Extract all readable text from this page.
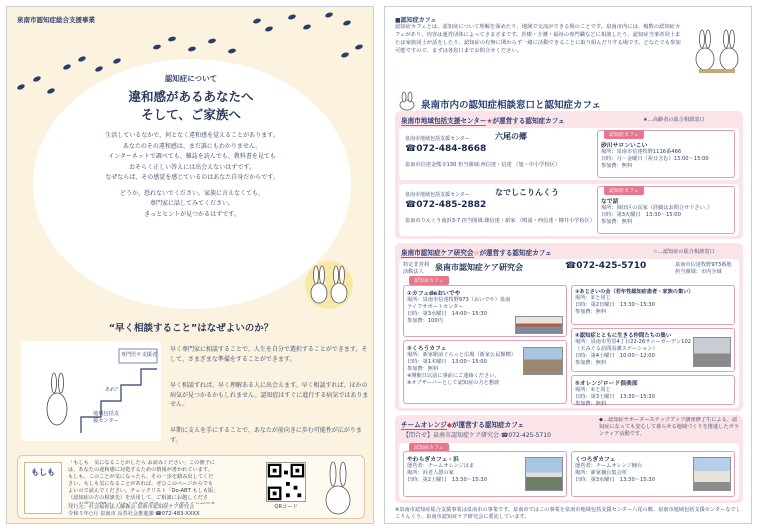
泉南市認知症総合支援事業
認知症について
違和感があるあなたへ
そして、ご家族へ
生活しているなかで、何となく違和感を覚えることがあります。
あなたのその違和感は、まだ誰にもわかりません。
インターネットで調べても、雑誌を読んでも、教科書を見ても
おそらく正しい答えには出会えないはずです。
なぜならば、その感覚を感じているのはあなた自身だからです。
どうか、恐れないでください。家族に言えなくても、
専門家に話してみてください。
きっとヒントが見つかるはずです。
“早く相談すること”はなぜよいのか？
専門医や支援者
あれ？
地域包括支援センター
早く専門家に相談することで、人生を自分で選択することができます。そして、さまざまな準備をすることができます。
早く相談すれば、早く理解ある人に出会えます。早く相談すれば、ほかの病気が見つかるかもしれません。認知症はすぐに進行する病気ではありません。
早期に支えを手にすることで、あなたが前向きに歩む可能性が広がります。
もしも
「もしも　気になることがしたら お読みください」この冊子には、あなたの違和感に対処するための情報が書かれています。もしも、このことが気になったら、その一歩を踏み出してください。もしも気になることがあれば、ぜひこのページからでもよいので読んでください。チェックリスト「Do-ABT もしも版」（認知症の方の相談先）を活用して、ご相談にお越しくださ
発行元：社会福祉法人藤森会 泉南市認知症ケア研究会
令和５年○月 泉南市 長寿社会推進課 ☎072-483-XXXX
QRコード
■認知症カフェ
認知症カフェとは、認知症について理解を深めたり、地域で交流ができる場のことです。泉南市内には、複数の認知症カフェがあり、内容は運営団体によってさまざまです。医療・介護・福祉の専門職などに相談したり、認知症当事者同士または家族同士が話をしたり、認知症の有無に関わらず一緒に活動できることに取り組んだりする場です。どなたでも参加可能ですので、まずは各窓口までお問合せください。
泉南市内の認知症相談窓口と認知症カフェ
泉南市地域包括支援センター★が運営する認知症カフェ	★…高齢者の総合相談窓口
泉南市地域包括支援センター	六尾の郷
☎072-484-8668
泉南市信達金熊寺130 担当圏域:西信達・信達 （旭・中小学校区）
認知症カフェ
砂川サロンいこい
場所：泉南市信達牧野1116番466
日時：月～金曜日（祝日含む）13:00～15:00
参加費：無料
泉南市地域包括支援センター	なでしこりんくう
☎072-485-2882
泉南市りんくう南浜3-7 担当圏域:雄信達・新家 （鳴滝・西信達・樽井小学校区）
認知症カフェ
なで話
場所：岡田区の民家（詳細はお問合せ下さい。）
日時：第3火曜日　13:30～15:00
参加費：無料
泉南市認知症ケア研究会☆が運営する認知症カフェ	☆…認知症の総合相談窓口
特定非営利活動法人
泉南市認知症ケア研究会	☎072-425-5710	泉南市信達牧野973番地 担当圏域：市内全域
認知症カフェ
①カフェdeおいでや
場所：泉南市信達牧野973（おいでや）泉南ライフサポートセンター
日時：第3水曜日　14:00～15:30
参加費：100円
②くろうカフェ
場所：新家駅前ぐらっと広場（新家公民館横）
日時：第1木曜日　13:00～15:00
参加費：無料
※開催日以前に事前にご連絡ください。
※オブザーバーとして認知症の方と懇談
③あじさいの会（若年性認知症患者・家族の集い）
場所：①と同じ
日時：第2日曜日　13:30～15:30
参加費：無料
④認知症とともに生きる仲間たちの集い
場所：泉南市男里4丁目22-26サニーガーデン102（天みぐる訪問看護ステーション）
日時：第4土曜日　10:00～12:00
参加費：無料
⑤オレンジロード倶楽部
場所：①と同じ
日時：第3土曜日　13:30～15:30
参加費：無料
チームオレンジ◆が運営する認知症カフェ
◆…認知症サポーターステップアップ講座修了生による、認知症になっても安心して暮らせる地域づくりを推進したボランティア活動です。
【問合せ】泉南市認知症ケア研究会 ☎072-425-5710
認知症カフェ
やわらぎカフェ・浜
運営者：チームオレンジはま
場所：浜老人憩の家
日時：第2土曜日　13:30～15:30
くつろぎカフェ
運営者：チームオレンジ楠台
場所：新家楠台集会所
日時：第3水曜日　13:30～15:30
※泉南市認知症総合支援事業は泉南市の事業です。泉南市ではこの事業を泉南市地域包括支援センター六尾の郷、泉南市地域包括支援センターなでしこりんくう、泉南市認知症ケア研究会に委託しています。
